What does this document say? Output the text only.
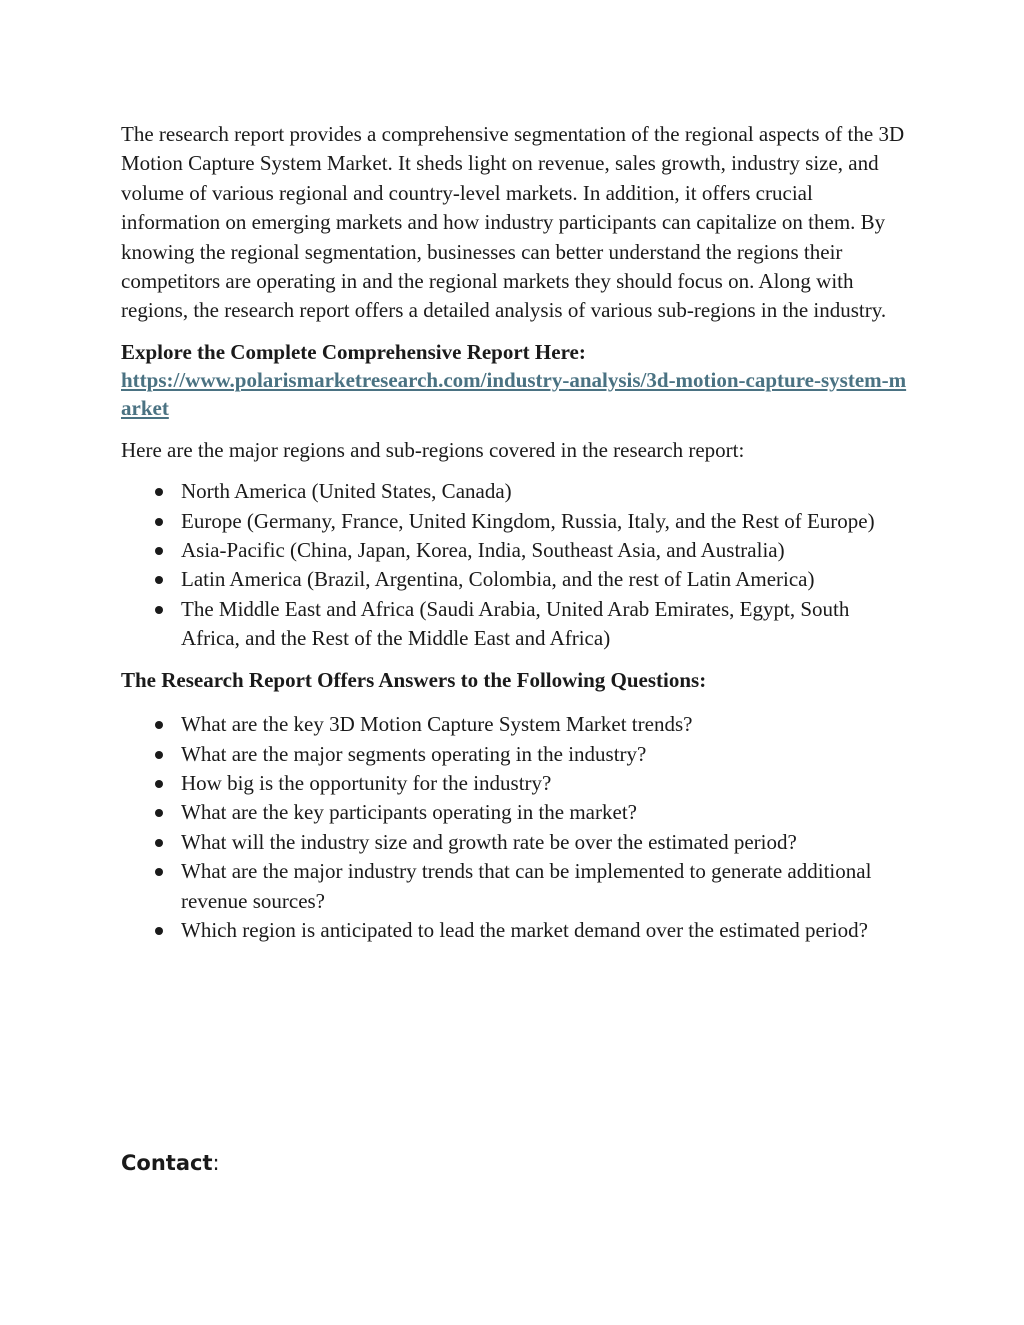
The research report provides a comprehensive segmentation of the regional aspects of the 3D Motion Capture System Market. It sheds light on revenue, sales growth, industry size, and volume of various regional and country-level markets. In addition, it offers crucial information on emerging markets and how industry participants can capitalize on them. By knowing the regional segmentation, businesses can better understand the regions their competitors are operating in and the regional markets they should focus on. Along with regions, the research report offers a detailed analysis of various sub-regions in the industry.

Explore the Complete Comprehensive Report Here:

https://www.polarismarketresearch.com/industry-analysis/3d-motion-capture-system-market

Here are the major regions and sub-regions covered in the research report:

North America (United States, Canada)
Europe (Germany, France, United Kingdom, Russia, Italy, and the Rest of Europe)
Asia-Pacific (China, Japan, Korea, India, Southeast Asia, and Australia)
Latin America (Brazil, Argentina, Colombia, and the rest of Latin America)
The Middle East and Africa (Saudi Arabia, United Arab Emirates, Egypt, South Africa, and the Rest of the Middle East and Africa)

The Research Report Offers Answers to the Following Questions:

What are the key 3D Motion Capture System Market trends?
What are the major segments operating in the industry?
How big is the opportunity for the industry?
What are the key participants operating in the market?
What will the industry size and growth rate be over the estimated period?
What are the major industry trends that can be implemented to generate additional revenue sources?
Which region is anticipated to lead the market demand over the estimated period?
Contact:
